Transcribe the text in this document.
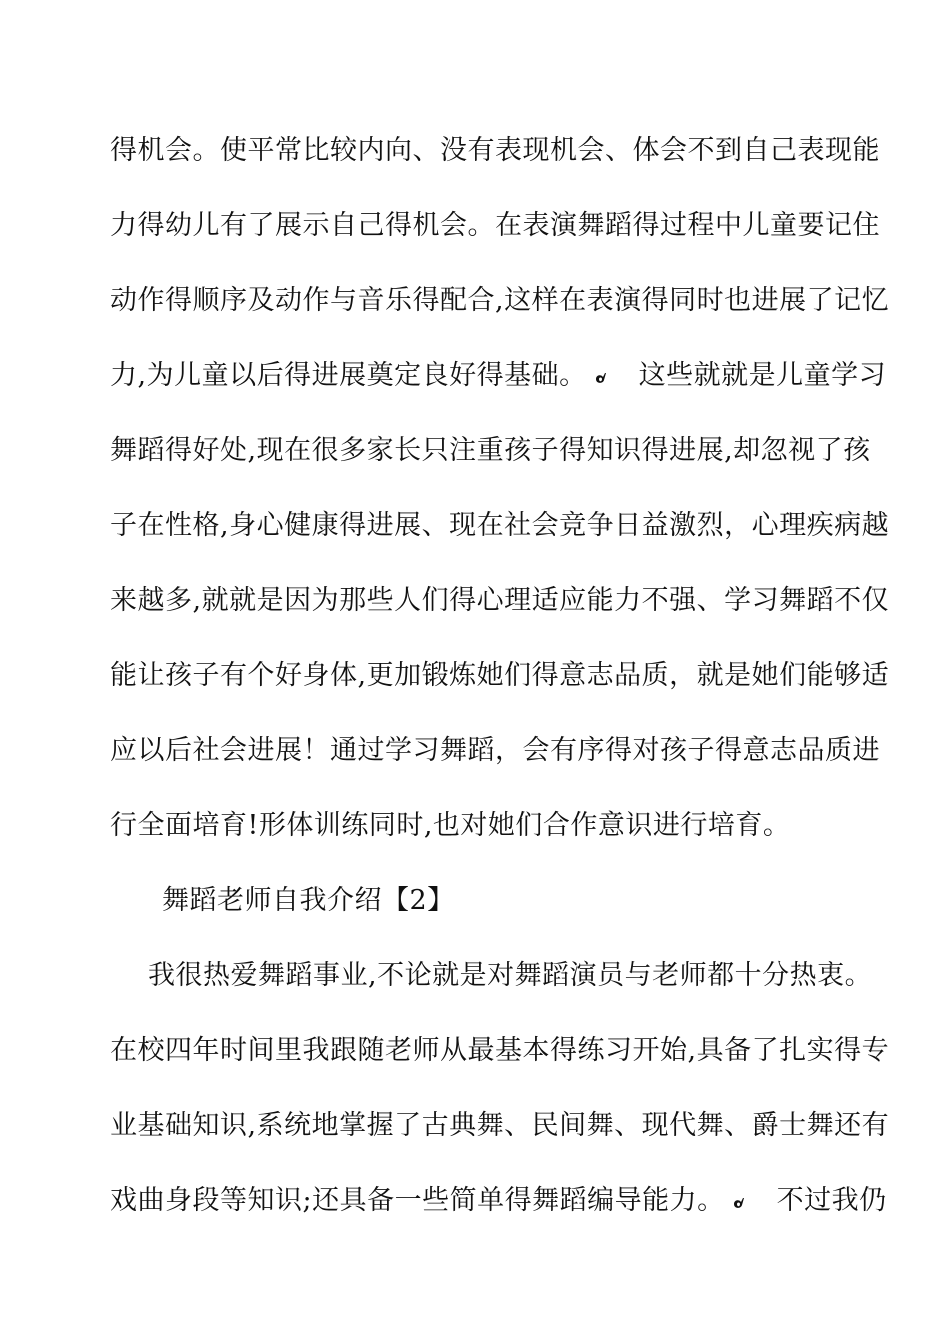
得机会。使平常比较内向、没有表现机会、体会不到自己表现能
力得幼儿有了展示自己得机会。在表演舞蹈得过程中儿童要记住
动作得顺序及动作与音乐得配合,这样在表演得同时也进展了记忆
力,为儿童以后得进展奠定良好得基础。 这些就就是儿童学习
舞蹈得好处,现在很多家长只注重孩子得知识得进展,却忽视了孩
子在性格,身心健康得进展、现在社会竞争日益激烈，心理疾病越
来越多,就就是因为那些人们得心理适应能力不强、学习舞蹈不仅
能让孩子有个好身体,更加锻炼她们得意志品质，就是她们能够适
应以后社会进展！通过学习舞蹈，会有序得对孩子得意志品质进
行全面培育!形体训练同时,也对她们合作意识进行培育。
舞蹈老师自我介绍【2】
我很热爱舞蹈事业,不论就是对舞蹈演员与老师都十分热衷。
在校四年时间里我跟随老师从最基本得练习开始,具备了扎实得专
业基础知识,系统地掌握了古典舞、民间舞、现代舞、爵士舞还有
戏曲身段等知识;还具备一些简单得舞蹈编导能力。 不过我仍
